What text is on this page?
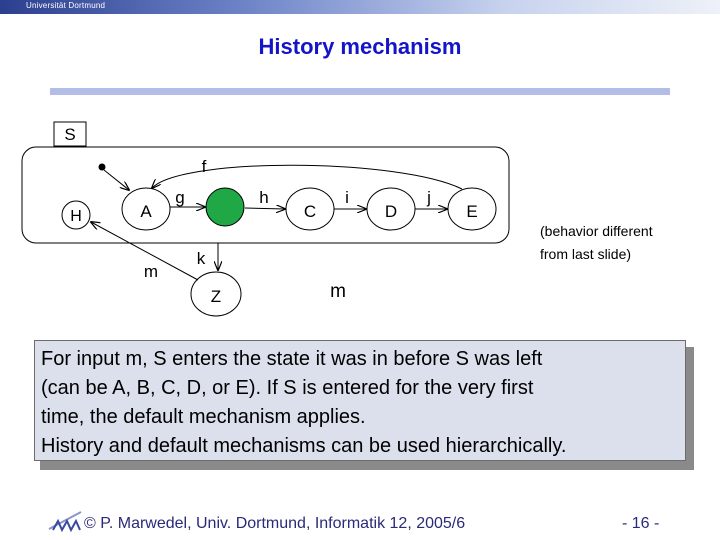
Universität Dortmund
History mechanism
S
H	A	C	D	E
Z
g	h	i	j
f
k
m
m
(behavior different
from last slide)
For input m, S enters the state it was in before S was left
(can be A, B, C, D, or E). If S is entered for the very first
time, the default mechanism applies.
History and default mechanisms can be used hierarchically.
© P. Marwedel, Univ. Dortmund, Informatik 12, 2005/6	- 16 -
